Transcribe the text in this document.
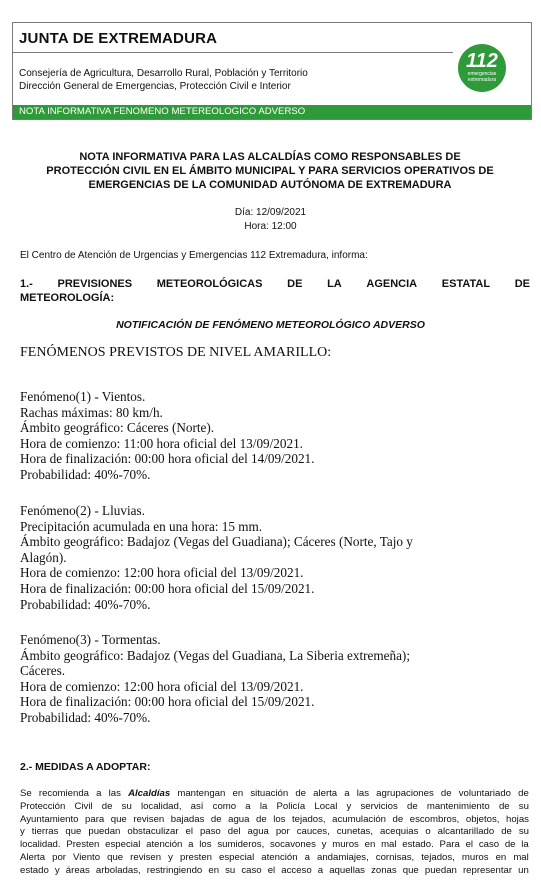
JUNTA DE EXTREMADURA
Consejería de Agricultura, Desarrollo Rural, Población y Territorio
Dirección General de Emergencias, Protección Civil e Interior
112
emergencias
extremadura
NOTA INFORMATIVA FENOMENO METEREOLOGICO ADVERSO
NOTA INFORMATIVA PARA LAS ALCALDÍAS COMO RESPONSABLES DE
PROTECCIÓN CIVIL EN EL ÁMBITO MUNICIPAL Y PARA SERVICIOS OPERATIVOS DE
EMERGENCIAS DE LA COMUNIDAD AUTÓNOMA DE EXTREMADURA
Día: 12/09/2021
Hora: 12:00
El Centro de Atención de Urgencias y Emergencias 112 Extremadura, informa:
1.- PREVISIONES METEOROLÓGICAS DE LA AGENCIA ESTATAL DE
METEOROLOGÍA:
NOTIFICACIÓN DE FENÓMENO METEOROLÓGICO ADVERSO
FENÓMENOS PREVISTOS DE NIVEL AMARILLO:
Fenómeno(1) - Vientos.
Rachas máximas: 80 km/h.
Ámbito geográfico: Cáceres (Norte).
Hora de comienzo: 11:00 hora oficial del 13/09/2021.
Hora de finalización: 00:00 hora oficial del 14/09/2021.
Probabilidad: 40%-70%.
Fenómeno(2) - Lluvias.
Precipitación acumulada en una hora: 15 mm.
Ámbito geográfico: Badajoz (Vegas del Guadiana); Cáceres (Norte, Tajo y
Alagón).
Hora de comienzo: 12:00 hora oficial del 13/09/2021.
Hora de finalización: 00:00 hora oficial del 15/09/2021.
Probabilidad: 40%-70%.
Fenómeno(3) - Tormentas.
Ámbito geográfico: Badajoz (Vegas del Guadiana, La Siberia extremeña);
Cáceres.
Hora de comienzo: 12:00 hora oficial del 13/09/2021.
Hora de finalización: 00:00 hora oficial del 15/09/2021.
Probabilidad: 40%-70%.
2.- MEDIDAS A ADOPTAR:
Se recomienda a las Alcaldías mantengan en situación de alerta a las agrupaciones de voluntariado de
Protección Civil de su localidad, así como a la Policía Local y servicios de mantenimiento de su
Ayuntamiento para que revisen bajadas de agua de los tejados, acumulación de escombros, objetos, hojas
y tierras que puedan obstaculizar el paso del agua por cauces, cunetas, acequias o alcantarillado de su
localidad. Presten especial atención a los sumideros, socavones y muros en mal estado. Para el caso de la
Alerta por Viento que revisen y presten especial atención a andamiajes, cornisas, tejados, muros en mal
estado y áreas arboladas, restringiendo en su caso el acceso a aquellas zonas que puedan representar un
